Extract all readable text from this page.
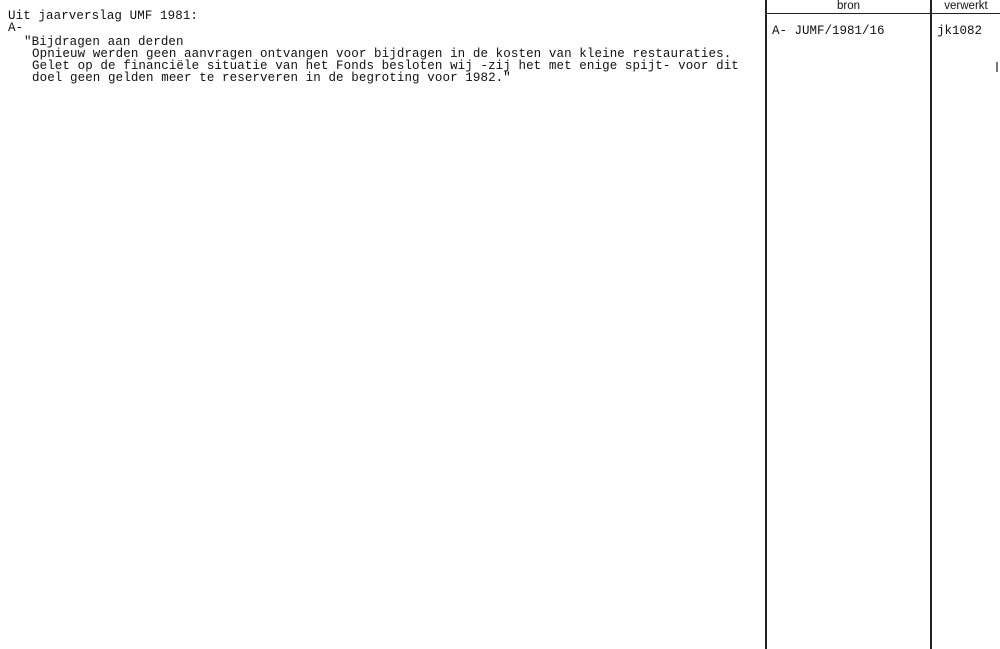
Uit jaarverslag UMF 1981:
A-
"Bijdragen aan derden
Opnieuw werden geen aanvragen ontvangen voor bijdragen in de kosten van kleine restauraties.
Gelet op de financiële situatie van het Fonds besloten wij -zij het met enige spijt- voor dit
doel geen gelden meer te reserveren in de begroting voor 1982."
bron	verwerkt
A- JUMF/1981/16	jk1082
